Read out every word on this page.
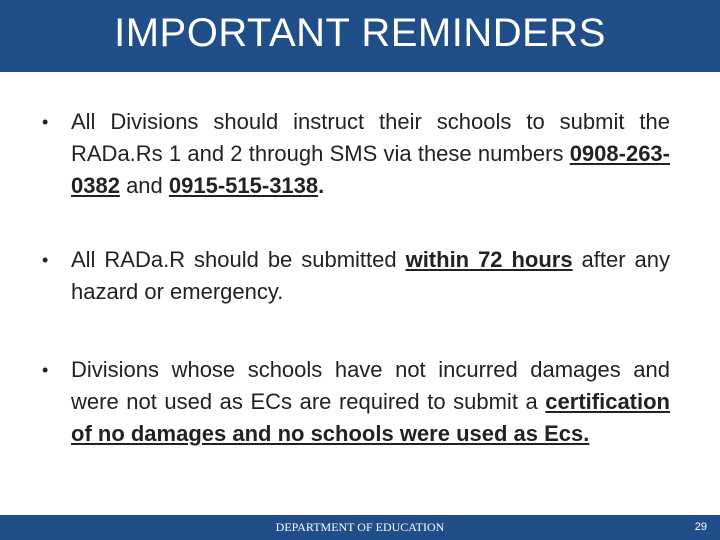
IMPORTANT REMINDERS
•	All Divisions should instruct their schools to submit the RADa.Rs 1 and 2 through SMS via these numbers 0908-263-0382 and 0915-515-3138.
•	All RADa.R should be submitted within 72 hours after any hazard or emergency.
•	Divisions whose schools have not incurred damages and were not used as ECs are required to submit a certification of no damages and no schools were used as Ecs.
DEPARTMENT OF EDUCATION	29
